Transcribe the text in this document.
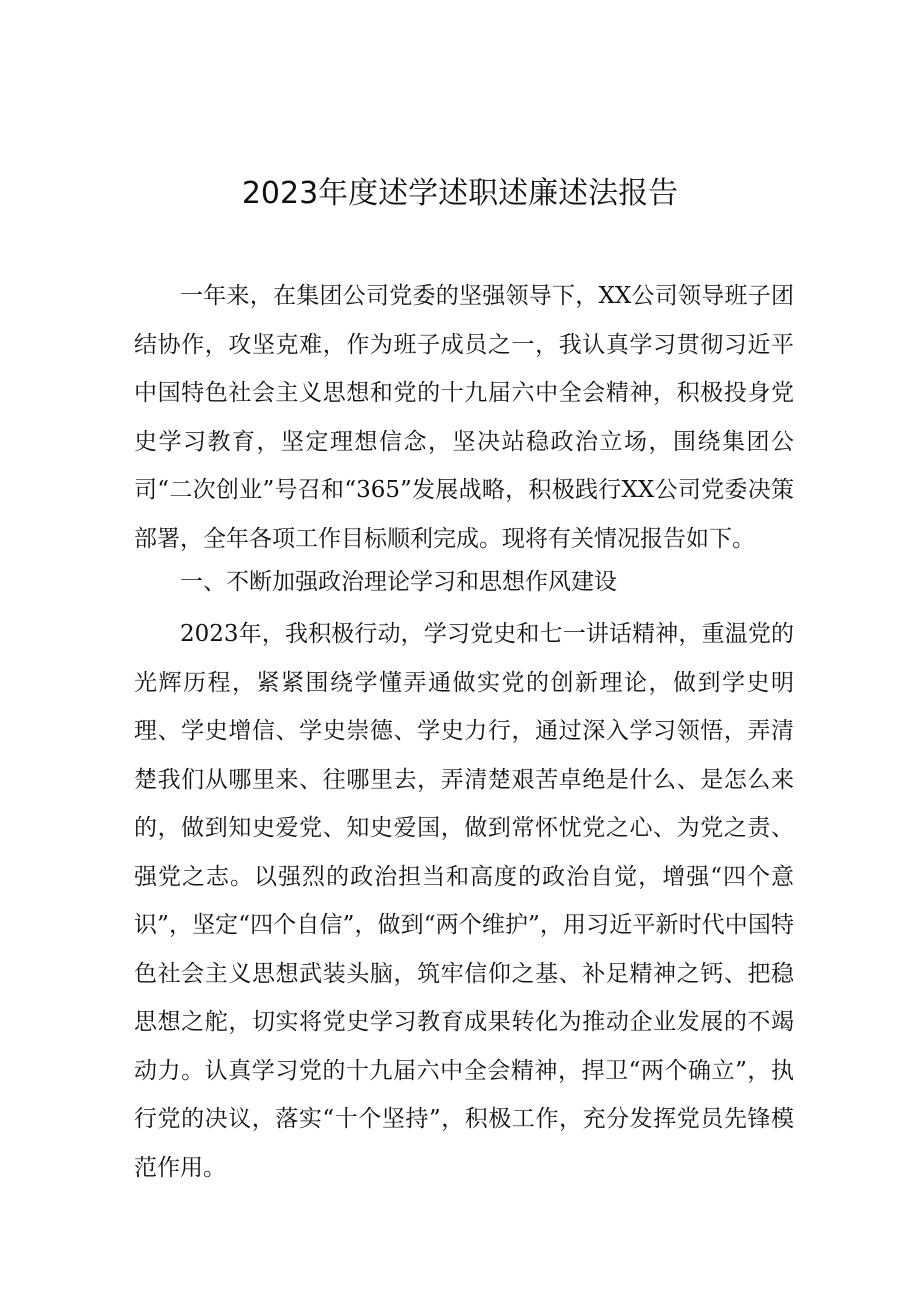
2023年度述学述职述廉述法报告

一年来，在集团公司党委的坚强领导下，XX公司领导班子团结协作，攻坚克难，作为班子成员之一，我认真学习贯彻习近平中国特色社会主义思想和党的十九届六中全会精神，积极投身党史学习教育，坚定理想信念，坚决站稳政治立场，围绕集团公司“二次创业”号召和“365”发展战略，积极践行XX公司党委决策部署，全年各项工作目标顺利完成。现将有关情况报告如下。

一、不断加强政治理论学习和思想作风建设

2023年，我积极行动，学习党史和七一讲话精神，重温党的光辉历程，紧紧围绕学懂弄通做实党的创新理论，做到学史明理、学史增信、学史崇德、学史力行，通过深入学习领悟，弄清楚我们从哪里来、往哪里去，弄清楚艰苦卓绝是什么、是怎么来的，做到知史爱党、知史爱国，做到常怀忧党之心、为党之责、强党之志。以强烈的政治担当和高度的政治自觉，增强“四个意识”，坚定“四个自信”，做到“两个维护”，用习近平新时代中国特色社会主义思想武装头脑，筑牢信仰之基、补足精神之钙、把稳思想之舵，切实将党史学习教育成果转化为推动企业发展的不竭动力。认真学习党的十九届六中全会精神，捍卫“两个确立”，执行党的决议，落实“十个坚持”，积极工作，充分发挥党员先锋模范作用。
